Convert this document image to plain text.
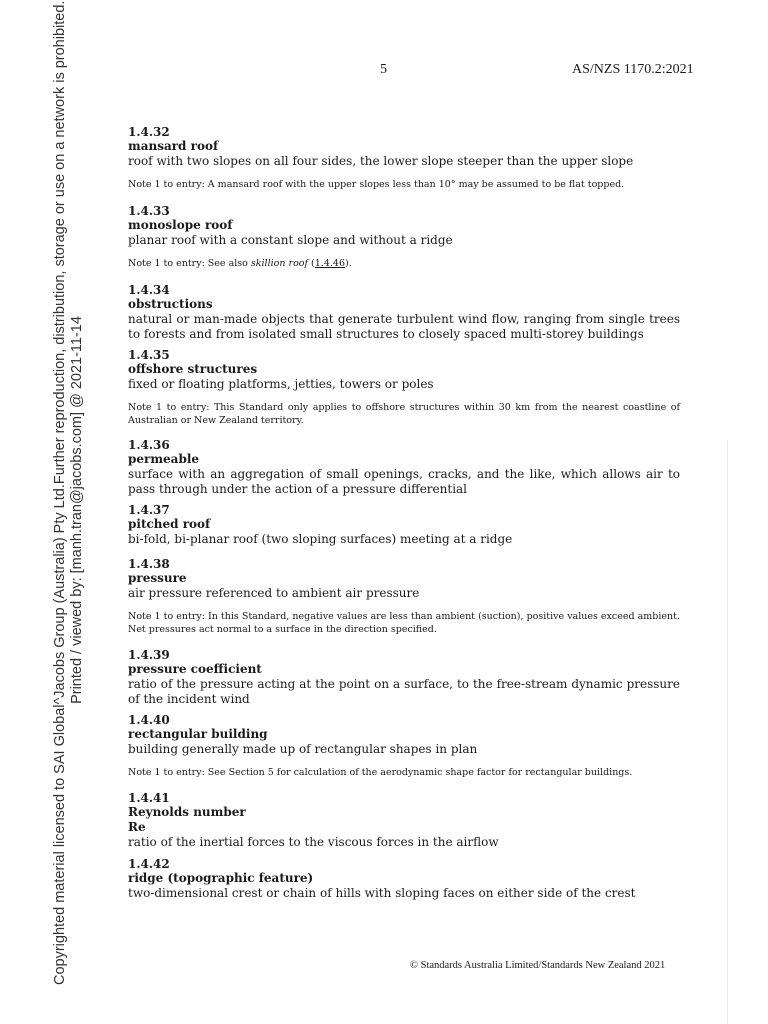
Copyrighted material licensed to SAI Global^Jacobs Group (Australia) Pty Ltd.Further reproduction, distribution, storage or use on a network is prohibited. Printed / viewed by: [manh.tran@jacobs.com] @ 2021-11-14
5	AS/NZS 1170.2:2021
1.4.32
mansard roof
roof with two slopes on all four sides, the lower slope steeper than the upper slope
Note 1 to entry: A mansard roof with the upper slopes less than 10° may be assumed to be flat topped.
1.4.33
monoslope roof
planar roof with a constant slope and without a ridge
Note 1 to entry: See also skillion roof (1.4.46).
1.4.34
obstructions
natural or man-made objects that generate turbulent wind flow, ranging from single trees to forests and from isolated small structures to closely spaced multi-storey buildings
1.4.35
offshore structures
fixed or floating platforms, jetties, towers or poles
Note 1 to entry: This Standard only applies to offshore structures within 30 km from the nearest coastline of Australian or New Zealand territory.
1.4.36
permeable
surface with an aggregation of small openings, cracks, and the like, which allows air to pass through under the action of a pressure differential
1.4.37
pitched roof
bi-fold, bi-planar roof (two sloping surfaces) meeting at a ridge
1.4.38
pressure
air pressure referenced to ambient air pressure
Note 1 to entry: In this Standard, negative values are less than ambient (suction), positive values exceed ambient. Net pressures act normal to a surface in the direction specified.
1.4.39
pressure coefficient
ratio of the pressure acting at the point on a surface, to the free-stream dynamic pressure of the incident wind
1.4.40
rectangular building
building generally made up of rectangular shapes in plan
Note 1 to entry: See Section 5 for calculation of the aerodynamic shape factor for rectangular buildings.
1.4.41
Reynolds number
Re
ratio of the inertial forces to the viscous forces in the airflow
1.4.42
ridge (topographic feature)
two-dimensional crest or chain of hills with sloping faces on either side of the crest
© Standards Australia Limited/Standards New Zealand 2021
